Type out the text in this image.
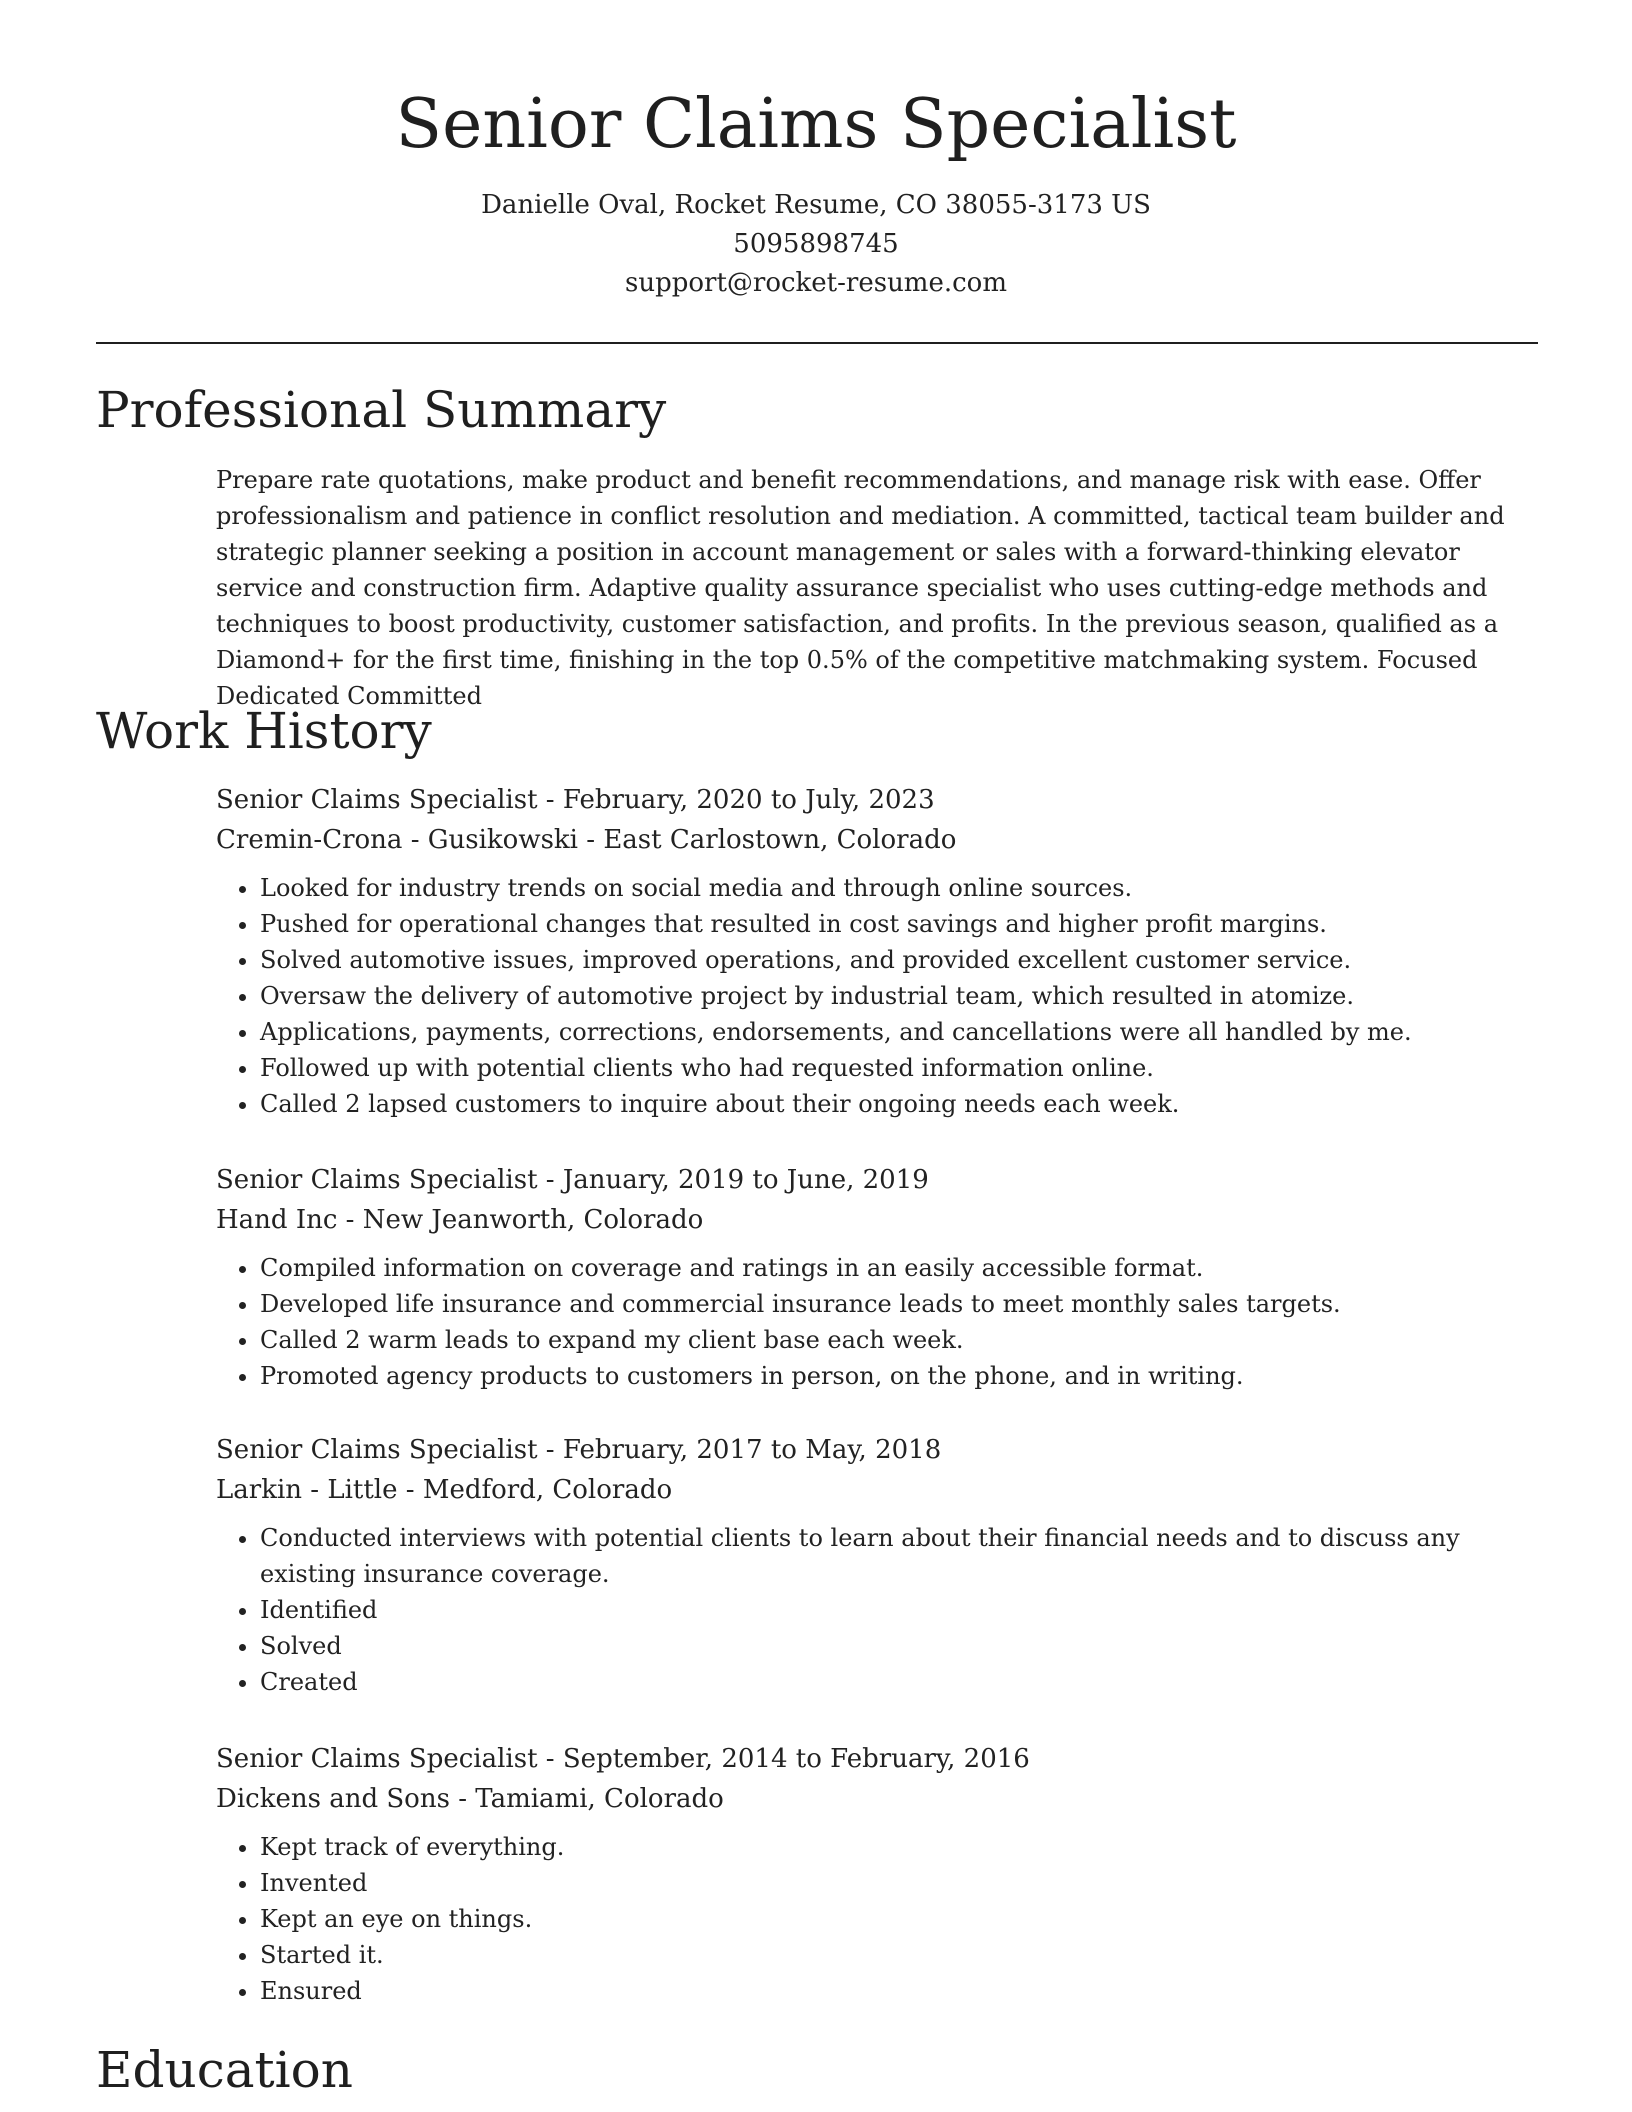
Senior Claims Specialist
Danielle Oval, Rocket Resume, CO 38055-3173 US
5095898745
support@rocket-resume.com
Professional Summary

Prepare rate quotations, make product and benefit recommendations, and manage risk with ease. Offer professionalism and patience in conflict resolution and mediation. A committed, tactical team builder and strategic planner seeking a position in account management or sales with a forward-thinking elevator service and construction firm. Adaptive quality assurance specialist who uses cutting-edge methods and techniques to boost productivity, customer satisfaction, and profits. In the previous season, qualified as a Diamond+ for the first time, finishing in the top 0.5% of the competitive matchmaking system. Focused Dedicated Committed

Work History
Senior Claims Specialist - February, 2020 to July, 2023
Cremin-Crona - Gusikowski - East Carlostown, Colorado
• Looked for industry trends on social media and through online sources.
• Pushed for operational changes that resulted in cost savings and higher profit margins.
• Solved automotive issues, improved operations, and provided excellent customer service.
• Oversaw the delivery of automotive project by industrial team, which resulted in atomize.
• Applications, payments, corrections, endorsements, and cancellations were all handled by me.
• Followed up with potential clients who had requested information online.
• Called 2 lapsed customers to inquire about their ongoing needs each week.
Senior Claims Specialist - January, 2019 to June, 2019
Hand Inc - New Jeanworth, Colorado
• Compiled information on coverage and ratings in an easily accessible format.
• Developed life insurance and commercial insurance leads to meet monthly sales targets.
• Called 2 warm leads to expand my client base each week.
• Promoted agency products to customers in person, on the phone, and in writing.
Senior Claims Specialist - February, 2017 to May, 2018
Larkin - Little - Medford, Colorado
• Conducted interviews with potential clients to learn about their financial needs and to discuss any existing insurance coverage.
• Identified
• Solved
• Created
Senior Claims Specialist - September, 2014 to February, 2016
Dickens and Sons - Tamiami, Colorado
• Kept track of everything.
• Invented
• Kept an eye on things.
• Started it.
• Ensured
Education
